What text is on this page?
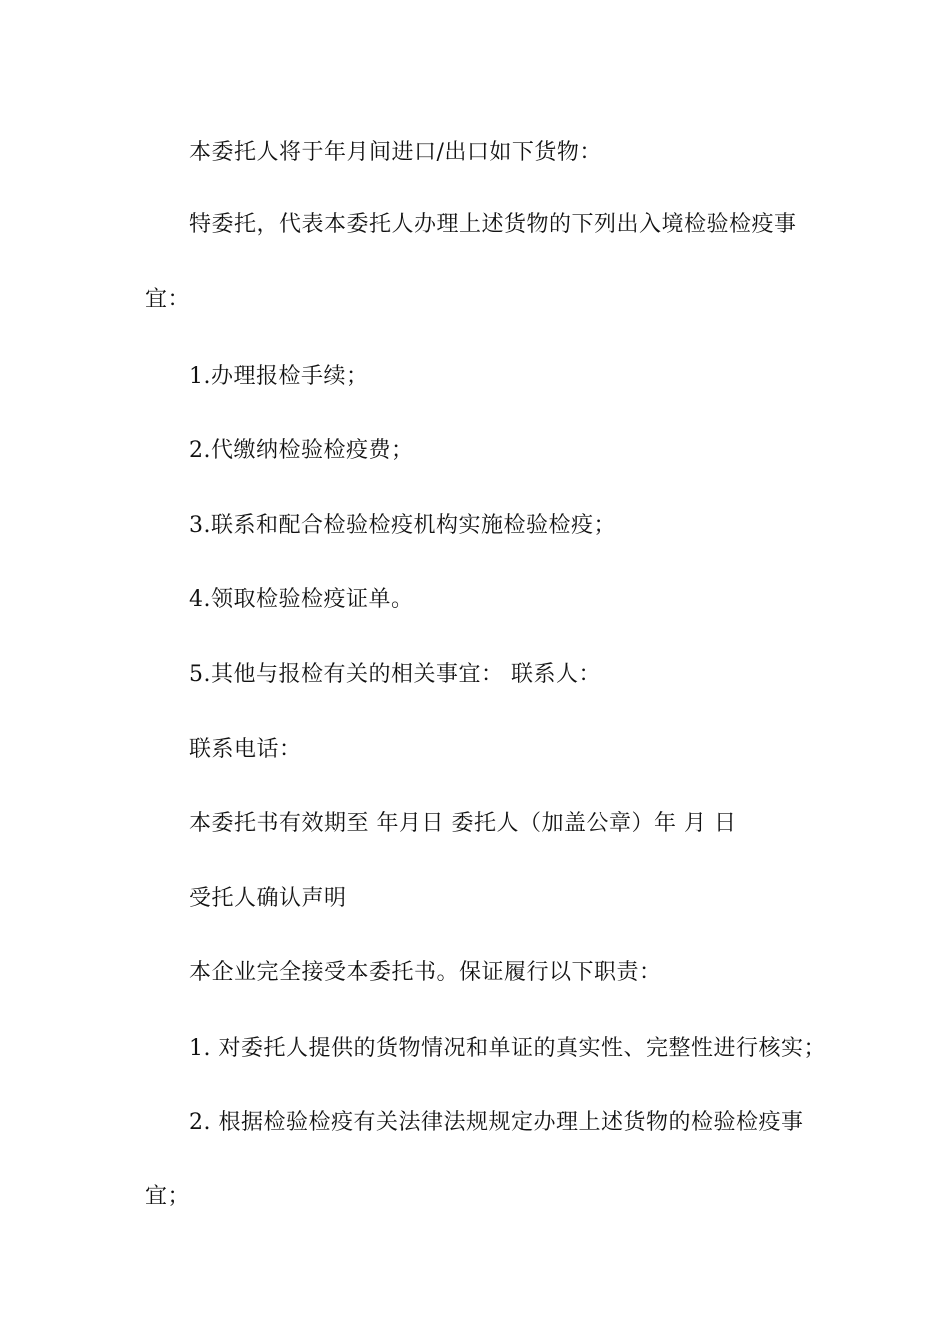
本委托人将于年月间进口/出口如下货物：
特委托，代表本委托人办理上述货物的下列出入境检验检疫事
宜：
1.办理报检手续；
2.代缴纳检验检疫费；
3.联系和配合检验检疫机构实施检验检疫；
4.领取检验检疫证单。
5.其他与报检有关的相关事宜： 联系人：
联系电话：
本委托书有效期至 年月日 委托人（加盖公章）年 月 日
受托人确认声明
本企业完全接受本委托书。保证履行以下职责：
1. 对委托人提供的货物情况和单证的真实性、完整性进行核实；
2. 根据检验检疫有关法律法规规定办理上述货物的检验检疫事
宜；
